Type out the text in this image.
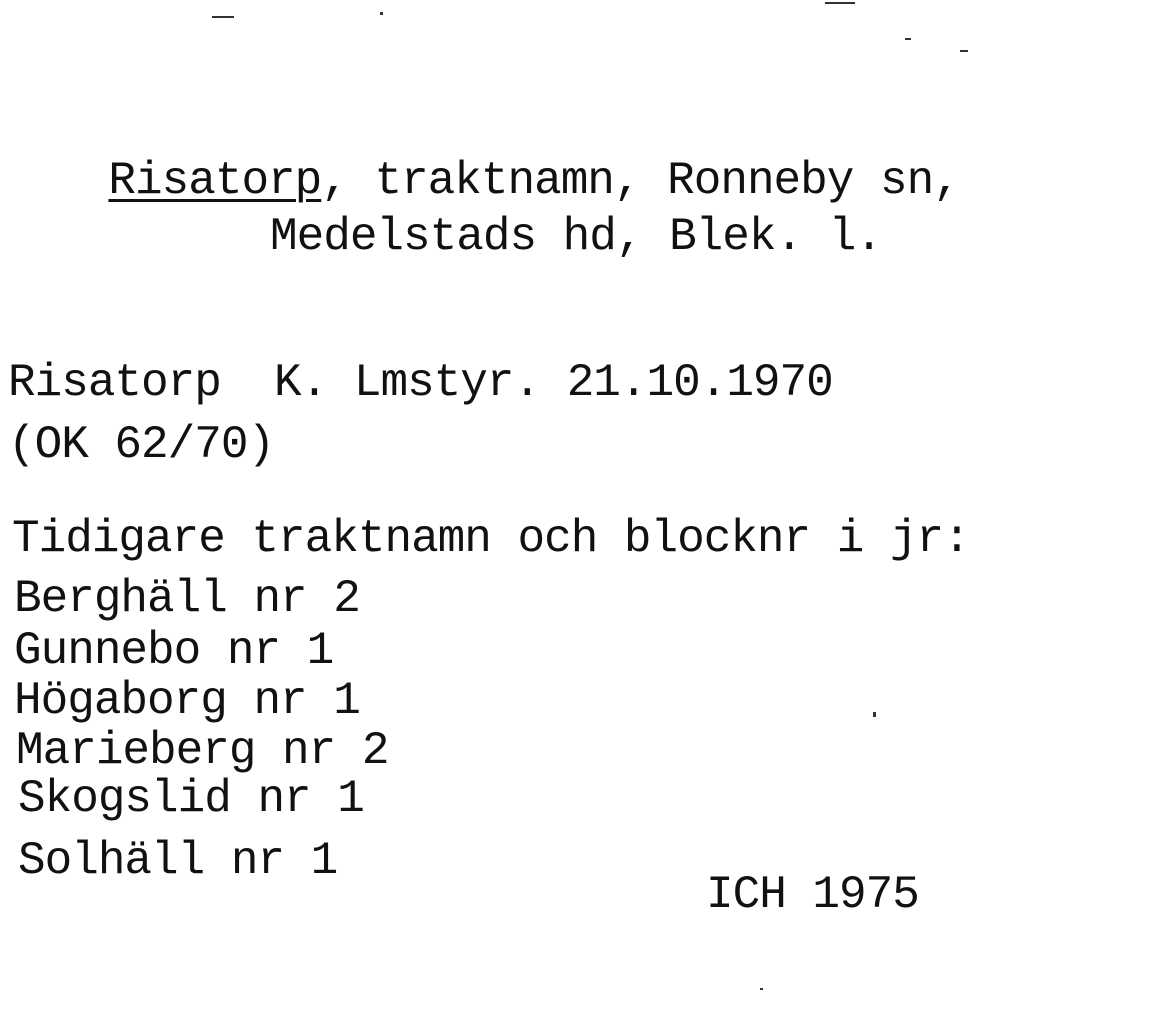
Risatorp, traktnamn, Ronneby sn,

Medelstads hd, Blek. l.
Risatorp  K. Lmstyr. 21.10.1970
(OK 62/70)
Tidigare traktnamn och blocknr i jr:
Berghäll nr 2
Gunnebo nr 1
Högaborg nr 1
Marieberg nr 2
Skogslid nr 1
Solhäll nr 1
ICH 1975
